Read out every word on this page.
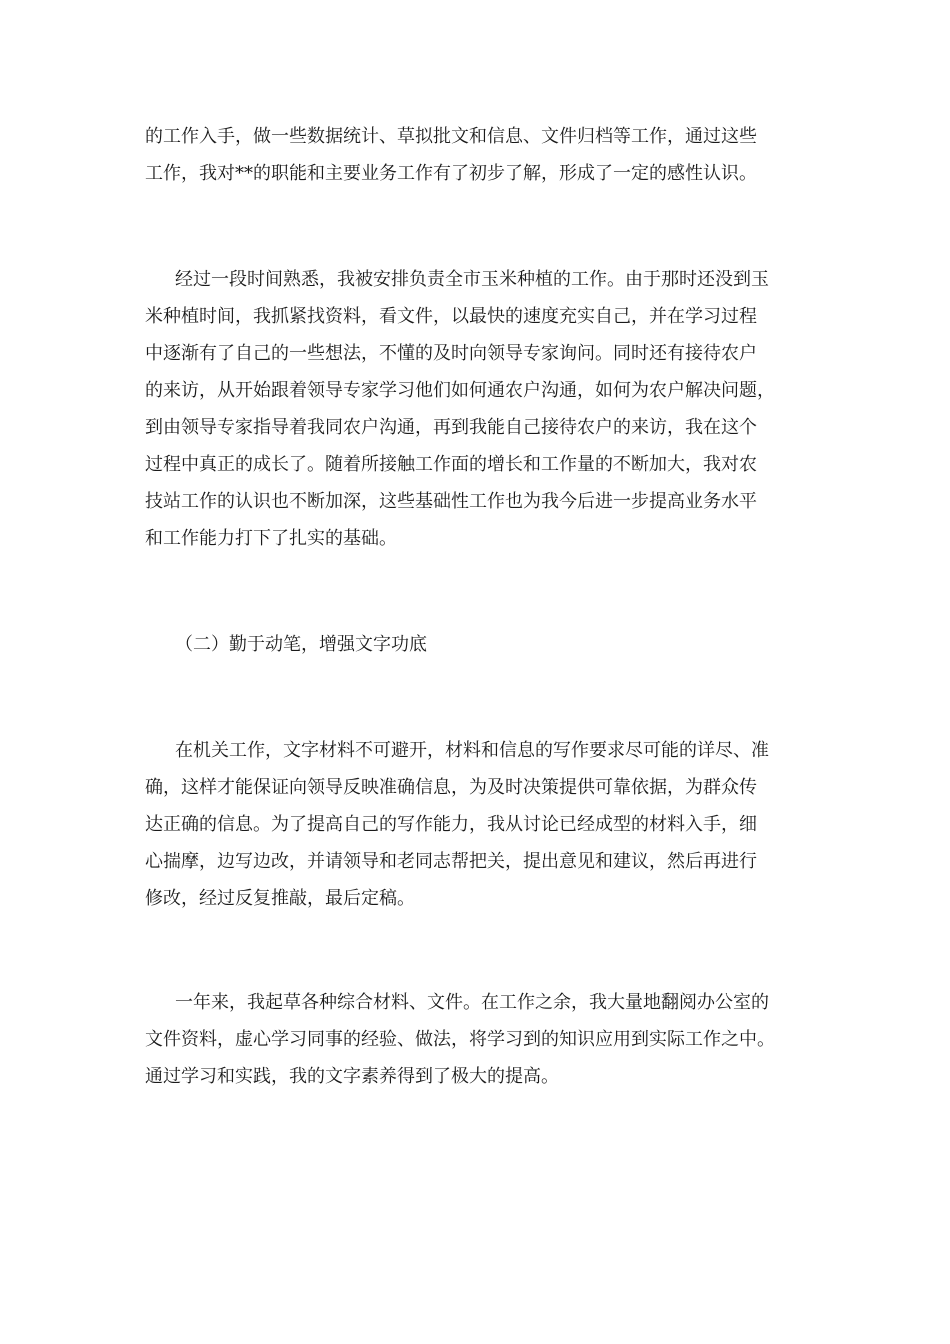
的工作入手，做一些数据统计、草拟批文和信息、文件归档等工作，通过这些
工作，我对**的职能和主要业务工作有了初步了解，形成了一定的感性认识。
经过一段时间熟悉，我被安排负责全市玉米种植的工作。由于那时还没到玉
米种植时间，我抓紧找资料，看文件，以最快的速度充实自己，并在学习过程
中逐渐有了自己的一些想法，不懂的及时向领导专家询问。同时还有接待农户
的来访，从开始跟着领导专家学习他们如何通农户沟通，如何为农户解决问题，
到由领导专家指导着我同农户沟通，再到我能自己接待农户的来访，我在这个
过程中真正的成长了。随着所接触工作面的增长和工作量的不断加大，我对农
技站工作的认识也不断加深，这些基础性工作也为我今后进一步提高业务水平
和工作能力打下了扎实的基础。
（二）勤于动笔，增强文字功底
在机关工作，文字材料不可避开，材料和信息的写作要求尽可能的详尽、准
确，这样才能保证向领导反映准确信息，为及时决策提供可靠依据，为群众传
达正确的信息。为了提高自己的写作能力，我从讨论已经成型的材料入手，细
心揣摩，边写边改，并请领导和老同志帮把关，提出意见和建议，然后再进行
修改，经过反复推敲，最后定稿。
一年来，我起草各种综合材料、文件。在工作之余，我大量地翻阅办公室的
文件资料，虚心学习同事的经验、做法，将学习到的知识应用到实际工作之中。
通过学习和实践，我的文字素养得到了极大的提高。
